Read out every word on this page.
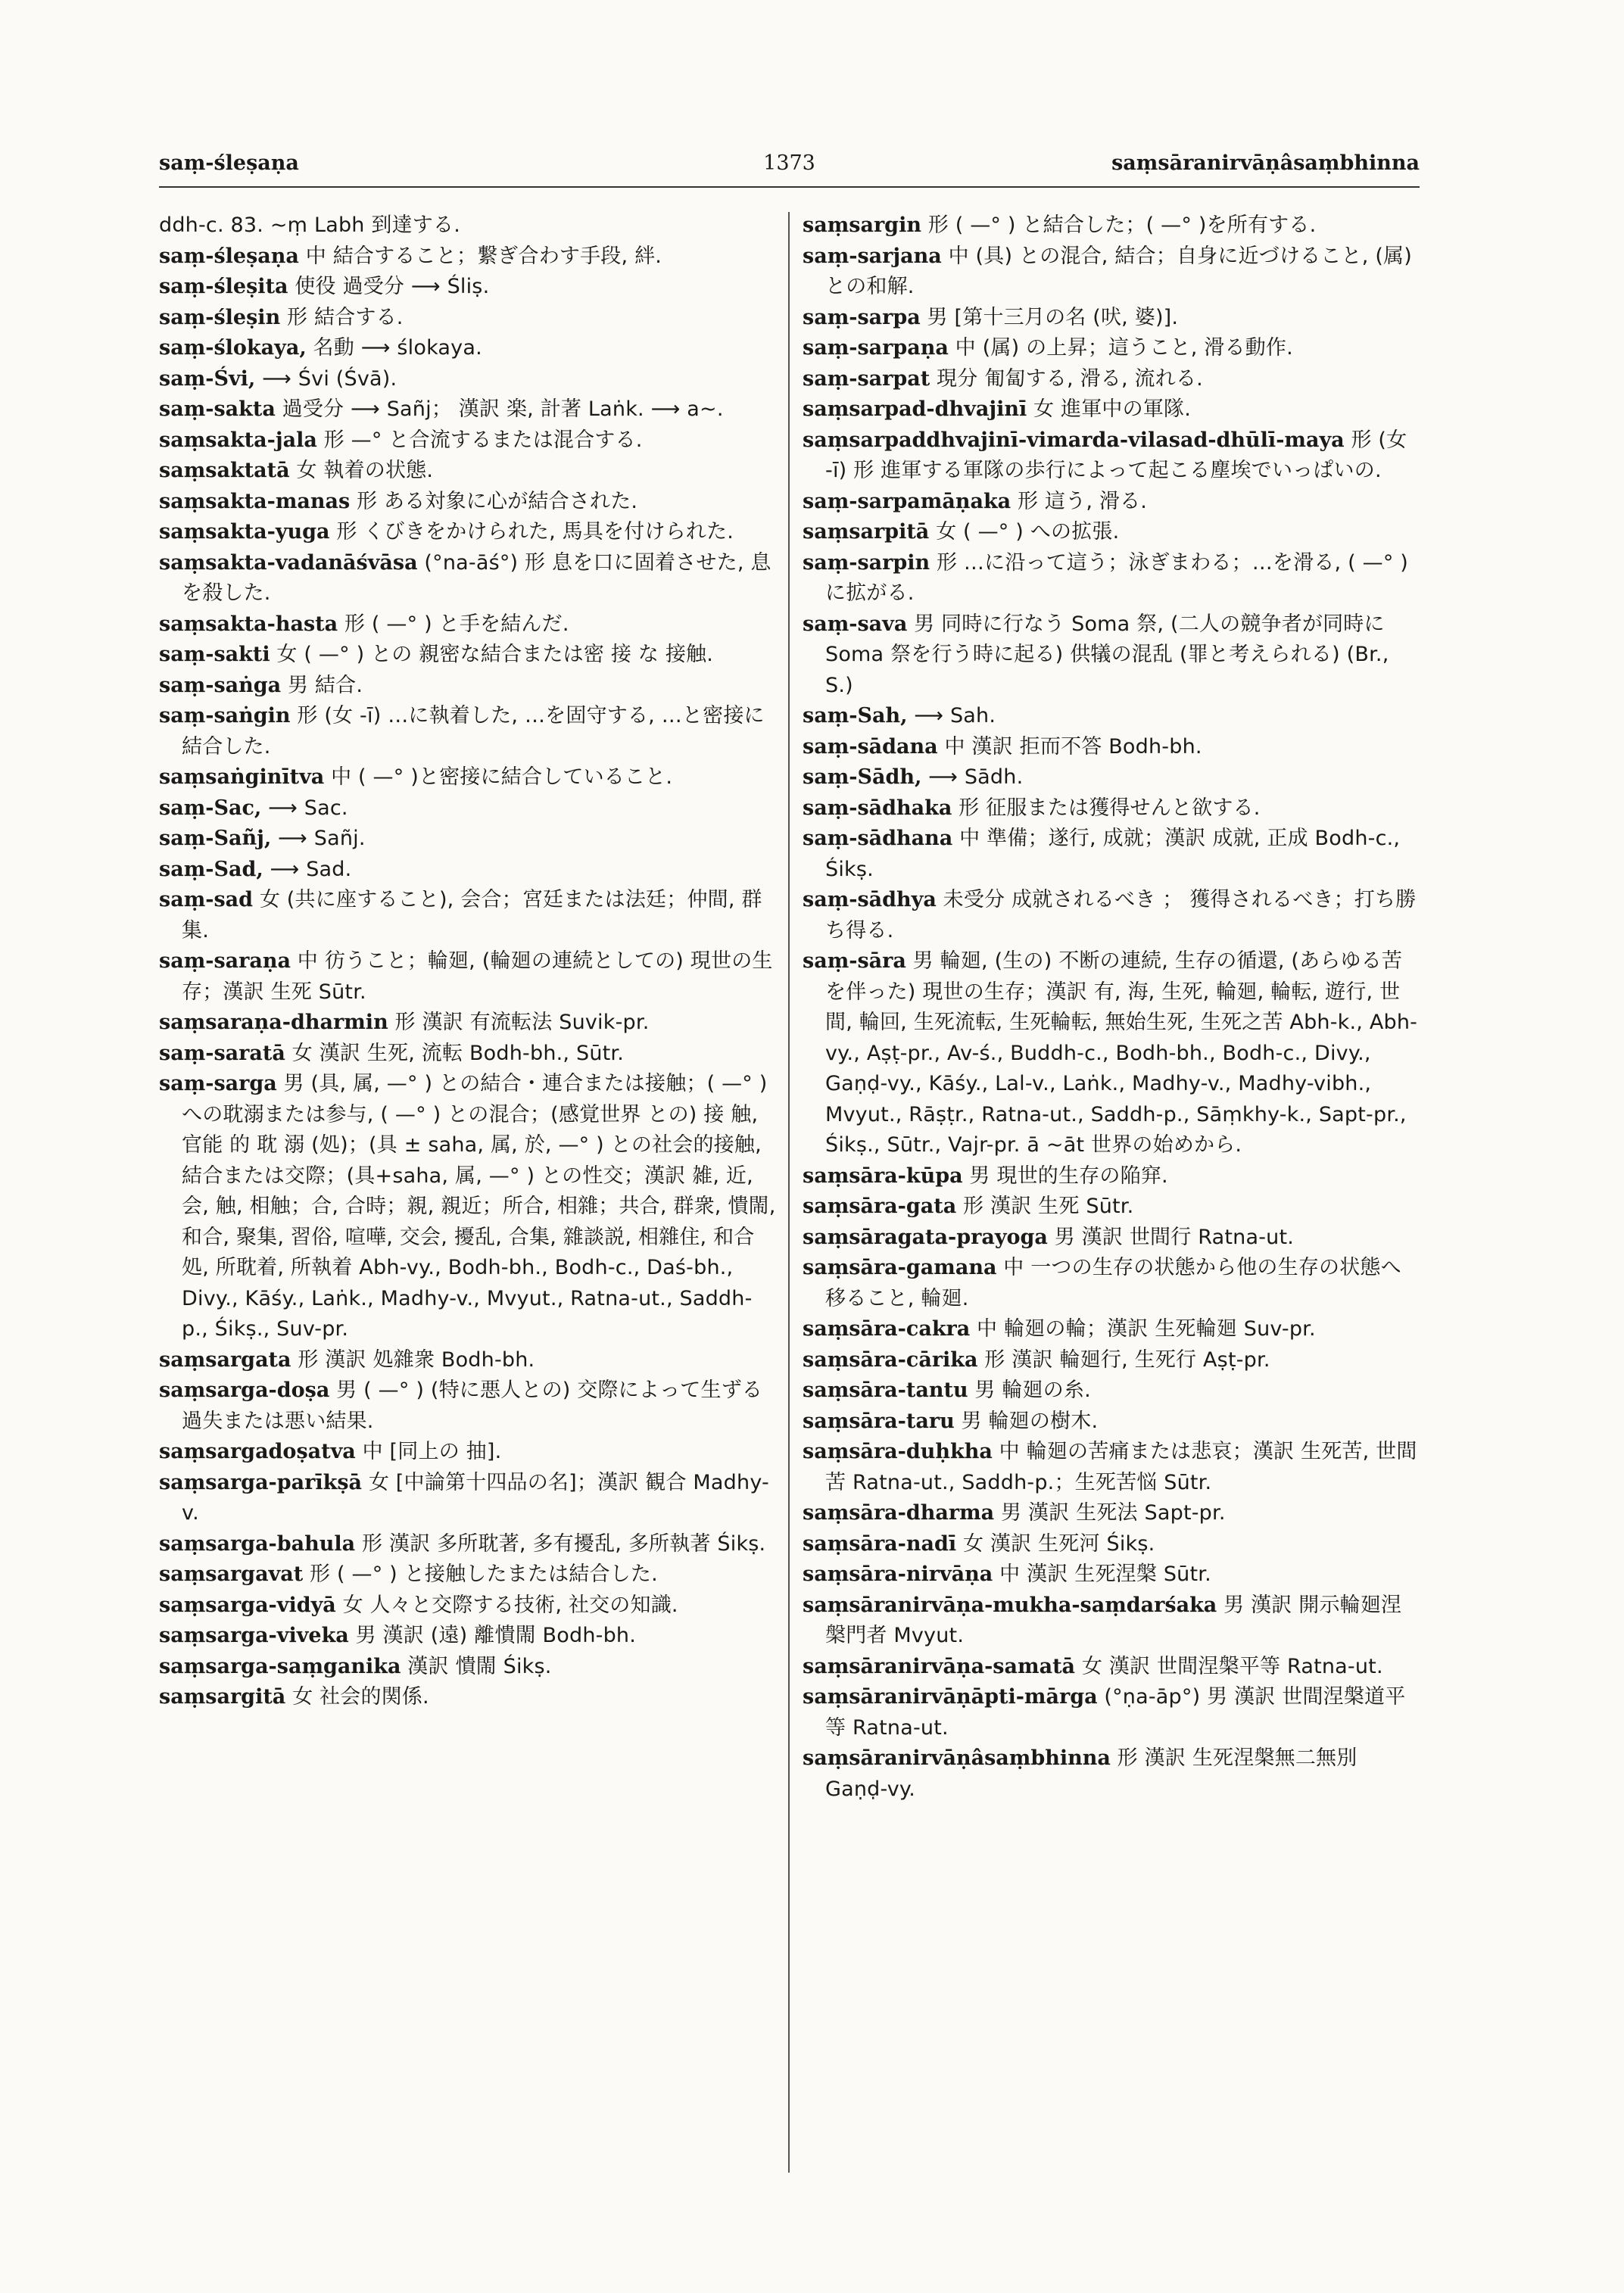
saṃ-śleṣaṇa	1373	saṃsāranirvāṇâsaṃbhinna

ddh-c. 83. ~ṃ Labh 到達する.

saṃ-śleṣaṇa 中 結合すること；繋ぎ合わす手段, 絆.

saṃ-śleṣita 使役 過受分 ⟶ Śliṣ.

saṃ-śleṣin 形 結合する.

saṃ-ślokaya, 名動 ⟶ ślokaya.

saṃ-Śvi, ⟶ Śvi (Śvā).

saṃ-sakta 過受分 ⟶ Sañj； 漢訳 楽, 計著 Laṅk. ⟶ a~.

saṃsakta-jala 形 —° と合流するまたは混合する.

saṃsaktatā 女 執着の状態.

saṃsakta-manas 形 ある対象に心が結合された.

saṃsakta-yuga 形 くびきをかけられた, 馬具を付けられた.

saṃsakta-vadanāśvāsa (°na-āś°) 形 息を口に固着させた, 息を殺した.

saṃsakta-hasta 形 ( —° ) と手を結んだ.

saṃ-sakti 女 ( —° ) との 親密な結合または密 接 な 接触.

saṃ-saṅga 男 結合.

saṃ-saṅgin 形 (女 -ī) …に執着した, …を固守する, …と密接に結合した.

saṃsaṅginītva 中 ( —° )と密接に結合していること.

saṃ-Sac, ⟶ Sac.

saṃ-Sañj, ⟶ Sañj.

saṃ-Sad, ⟶ Sad.

saṃ-sad 女 (共に座すること), 会合；宮廷または法廷；仲間, 群集.

saṃ-saraṇa 中 彷うこと；輪廻, (輪廻の連続としての) 現世の生存；漢訳 生死 Sūtr.

saṃsaraṇa-dharmin 形 漢訳 有流転法 Suvik-pr.

saṃ-saratā 女 漢訳 生死, 流転 Bodh-bh., Sūtr.

saṃ-sarga 男 (具, 属, —° ) との結合・連合または接触；( —° ) への耽溺または参与, ( —° ) との混合；(感覚世界 との) 接 触, 官能 的 耽 溺 (処)；(具 ± saha, 属, 於, —° ) との社会的接触, 結合または交際；(具+saha, 属, —° ) との性交；漢訳 雑, 近, 会, 触, 相触；合, 合時；親, 親近；所合, 相雜；共合, 群衆, 憒閙, 和合, 聚集, 習俗, 喧嘩, 交会, 擾乱, 合集, 雜談説, 相雜住, 和合処, 所耽着, 所執着 Abh-vy., Bodh-bh., Bodh-c., Daś-bh., Divy., Kāśy., Laṅk., Madhy-v., Mvyut., Ratna-ut., Saddh-p., Śikṣ., Suv-pr.

saṃsargata 形 漢訳 処雜衆 Bodh-bh.

saṃsarga-doṣa 男 ( —° ) (特に悪人との) 交際によって生ずる過失または悪い結果.

saṃsargadoṣatva 中 [同上の 抽].

saṃsarga-parīkṣā 女 [中論第十四品の名]；漢訳 観合 Madhy-v.

saṃsarga-bahula 形 漢訳 多所耽著, 多有擾乱, 多所執著 Śikṣ.

saṃsargavat 形 ( —° ) と接触したまたは結合した.

saṃsarga-vidyā 女 人々と交際する技術, 社交の知識.

saṃsarga-viveka 男 漢訳 (遠) 離憒閙 Bodh-bh.

saṃsarga-saṃganika 漢訳 憒閙 Śikṣ.

saṃsargitā 女 社会的関係.

saṃsargin 形 ( —° ) と結合した；( —° )を所有する.

saṃ-sarjana 中 (具) との混合, 結合；自身に近づけること, (属) との和解.

saṃ-sarpa 男 [第十三月の名 (吠, 婆)].

saṃ-sarpaṇa 中 (属) の上昇；這うこと, 滑る動作.

saṃ-sarpat 現分 匍匐する, 滑る, 流れる.

saṃsarpad-dhvajinī 女 進軍中の軍隊.

saṃsarpaddhvajinī-vimarda-vilasad-dhūlī-maya 形 (女 -ī) 形 進軍する軍隊の歩行によって起こる塵埃でいっぱいの.

saṃ-sarpamāṇaka 形 這う, 滑る.

saṃsarpitā 女 ( —° ) への拡張.

saṃ-sarpin 形 …に沿って這う；泳ぎまわる；…を滑る, ( —° ) に拡がる.

saṃ-sava 男 同時に行なう Soma 祭, (二人の競争者が同時に Soma 祭を行う時に起る) 供犠の混乱 (罪と考えられる) (Br., S.)

saṃ-Sah, ⟶ Sah.

saṃ-sādana 中 漢訳 拒而不答 Bodh-bh.

saṃ-Sādh, ⟶ Sādh.

saṃ-sādhaka 形 征服または獲得せんと欲する.

saṃ-sādhana 中 準備；遂行, 成就；漢訳 成就, 正成 Bodh-c., Śikṣ.

saṃ-sādhya 未受分 成就されるべき ； 獲得されるべき；打ち勝ち得る.

saṃ-sāra 男 輪廻, (生の) 不断の連続, 生存の循還, (あらゆる苦を伴った) 現世の生存；漢訳 有, 海, 生死, 輪廻, 輪転, 遊行, 世間, 輪回, 生死流転, 生死輪転, 無始生死, 生死之苦 Abh-k., Abh-vy., Aṣṭ-pr., Av-ś., Buddh-c., Bodh-bh., Bodh-c., Divy., Gaṇḍ-vy., Kāśy., Lal-v., Laṅk., Madhy-v., Madhy-vibh., Mvyut., Rāṣṭr., Ratna-ut., Saddh-p., Sāṃkhy-k., Sapt-pr., Śikṣ., Sūtr., Vajr-pr. ā ~āt 世界の始めから.

saṃsāra-kūpa 男 現世的生存の陥穽.

saṃsāra-gata 形 漢訳 生死 Sūtr.

saṃsāragata-prayoga 男 漢訳 世間行 Ratna-ut.

saṃsāra-gamana 中 一つの生存の状態から他の生存の状態へ移ること, 輪廻.

saṃsāra-cakra 中 輪廻の輪；漢訳 生死輪廻 Suv-pr.

saṃsāra-cārika 形 漢訳 輪廻行, 生死行 Aṣṭ-pr.

saṃsāra-tantu 男 輪廻の糸.

saṃsāra-taru 男 輪廻の樹木.

saṃsāra-duḥkha 中 輪廻の苦痛または悲哀；漢訳 生死苦, 世間苦 Ratna-ut., Saddh-p.；生死苦悩 Sūtr.

saṃsāra-dharma 男 漢訳 生死法 Sapt-pr.

saṃsāra-nadī 女 漢訳 生死河 Śikṣ.

saṃsāra-nirvāṇa 中 漢訳 生死涅槃 Sūtr.

saṃsāranirvāṇa-mukha-saṃdarśaka 男 漢訳 開示輪廻涅槃門者 Mvyut.

saṃsāranirvāṇa-samatā 女 漢訳 世間涅槃平等 Ratna-ut.

saṃsāranirvāṇāpti-mārga (°ṇa-āp°) 男 漢訳 世間涅槃道平等 Ratna-ut.

saṃsāranirvāṇâsaṃbhinna 形 漢訳 生死涅槃無二無別 Gaṇḍ-vy.
